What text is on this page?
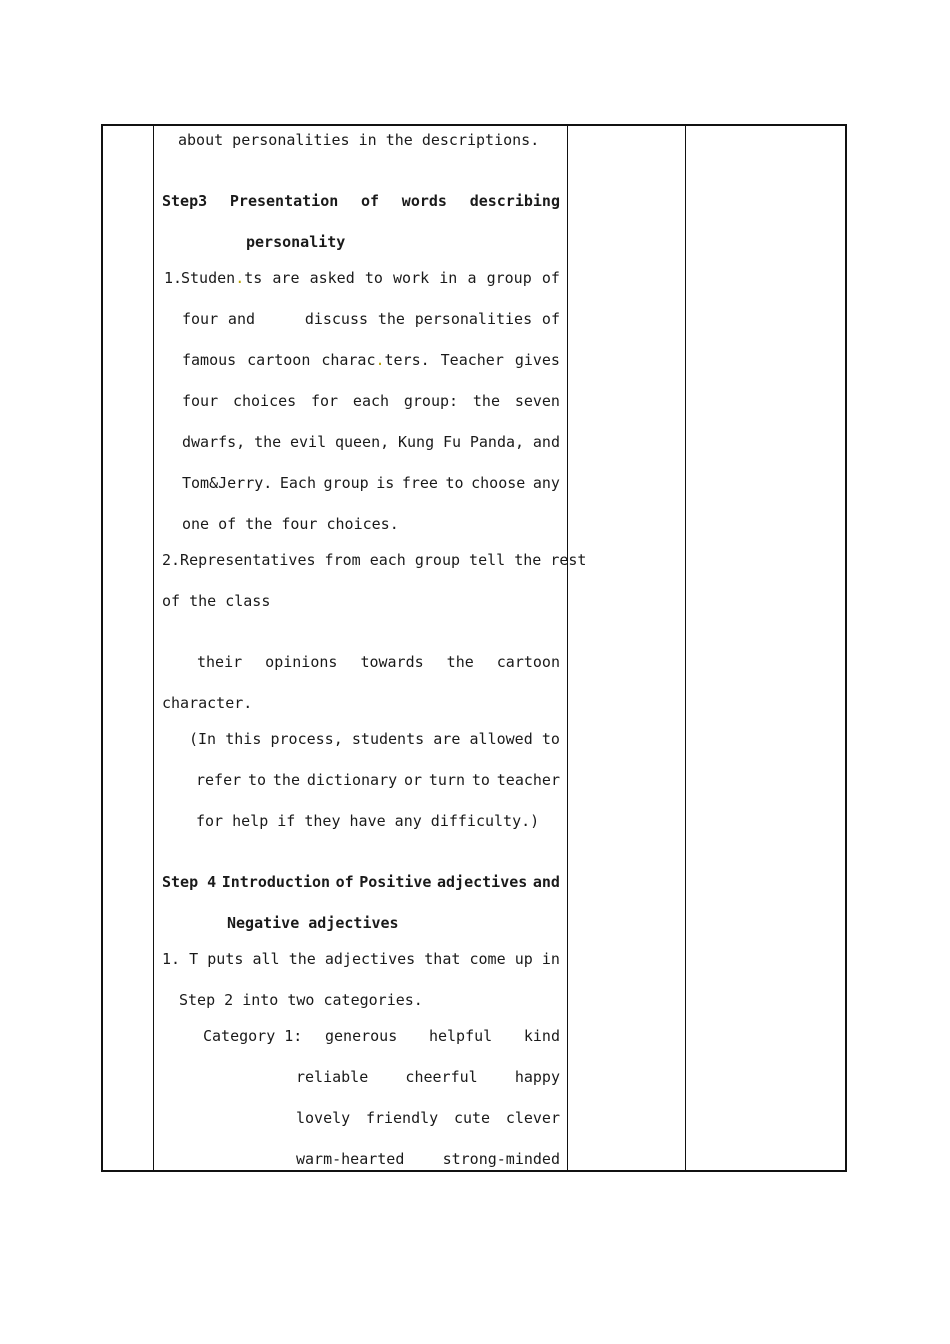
about personalities in the descriptions.
Step3 Presentation of words describing
personality
1.
Studen.ts are asked to work in a group of
four and	discuss the personalities of
famous cartoon charac.ters. Teacher gives
four choices for each group: the seven
dwarfs, the evil queen, Kung Fu Panda, and
Tom&Jerry. Each group is free to choose any
one of the four choices.
2.Representatives from each group tell the rest
of the class
their opinions towards the cartoon
character.
(In this process, students are allowed to
refer to the dictionary or turn to teacher
for help if they have any difficulty.)
Step 4 Introduction of Positive adjectives and
Negative adjectives
1. T puts all the adjectives that come up in
Step 2 into two categories.
Category 1: generous helpful kind
reliable cheerful happy
lovely friendly cute clever
warm-hearted	strong-minded
